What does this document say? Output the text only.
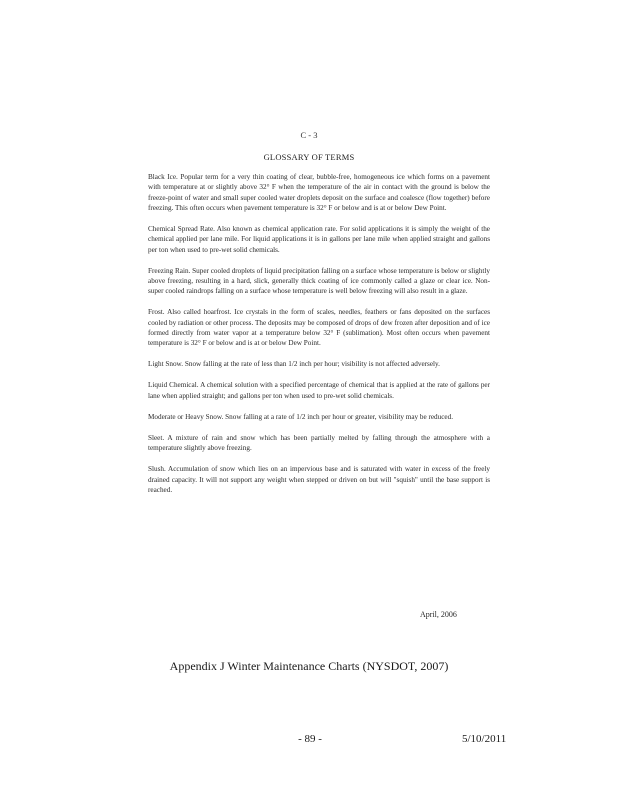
C - 3
GLOSSARY OF TERMS

Black Ice. Popular term for a very thin coating of clear, bubble-free, homogeneous ice which forms on a pavement with temperature at or slightly above 32° F when the temperature of the air in contact with the ground is below the freeze-point of water and small super cooled water droplets deposit on the surface and coalesce (flow together) before freezing. This often occurs when pavement temperature is 32° F or below and is at or below Dew Point.

Chemical Spread Rate. Also known as chemical application rate. For solid applications it is simply the weight of the chemical applied per lane mile. For liquid applications it is in gallons per lane mile when applied straight and gallons per ton when used to pre-wet solid chemicals.

Freezing Rain. Super cooled droplets of liquid precipitation falling on a surface whose temperature is below or slightly above freezing, resulting in a hard, slick, generally thick coating of ice commonly called a glaze or clear ice. Non-super cooled raindrops falling on a surface whose temperature is well below freezing will also result in a glaze.

Frost. Also called hoarfrost. Ice crystals in the form of scales, needles, feathers or fans deposited on the surfaces cooled by radiation or other process. The deposits may be composed of drops of dew frozen after deposition and of ice formed directly from water vapor at a temperature below 32° F (sublimation). Most often occurs when pavement temperature is 32° F or below and is at or below Dew Point.

Light Snow. Snow falling at the rate of less than 1/2 inch per hour; visibility is not affected adversely.

Liquid Chemical. A chemical solution with a specified percentage of chemical that is applied at the rate of gallons per lane when applied straight; and gallons per ton when used to pre-wet solid chemicals.

Moderate or Heavy Snow. Snow falling at a rate of 1/2 inch per hour or greater, visibility may be reduced.

Sleet. A mixture of rain and snow which has been partially melted by falling through the atmosphere with a temperature slightly above freezing.

Slush. Accumulation of snow which lies on an impervious base and is saturated with water in excess of the freely drained capacity. It will not support any weight when stepped or driven on but will "squish" until the base support is reached.

April, 2006
Appendix J Winter Maintenance Charts (NYSDOT, 2007)
- 89 -	5/10/2011
